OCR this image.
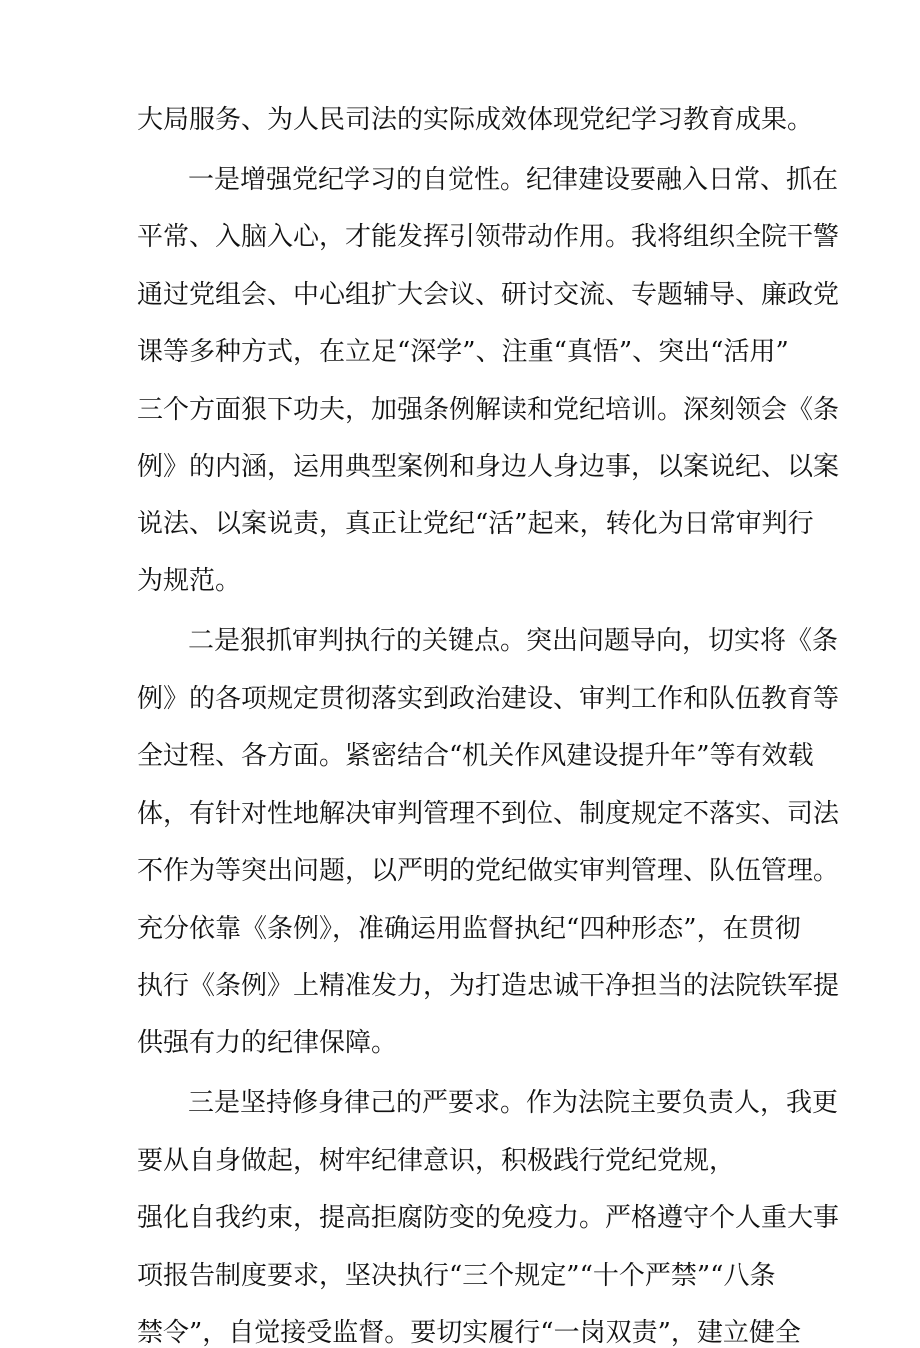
大局服务、为人民司法的实际成效体现党纪学习教育成果。
一是增强党纪学习的自觉性。纪律建设要融入日常、抓在
平常、入脑入心，才能发挥引领带动作用。我将组织全院干警
通过党组会、中心组扩大会议、研讨交流、专题辅导、廉政党
课等多种方式，在立足“深学”、注重“真悟”、突出“活用”
三个方面狠下功夫，加强条例解读和党纪培训。深刻领会《条
例》的内涵，运用典型案例和身边人身边事，以案说纪、以案
说法、以案说责，真正让党纪“活”起来，转化为日常审判行
为规范。
二是狠抓审判执行的关键点。突出问题导向，切实将《条
例》的各项规定贯彻落实到政治建设、审判工作和队伍教育等
全过程、各方面。紧密结合“机关作风建设提升年”等有效载
体，有针对性地解决审判管理不到位、制度规定不落实、司法
不作为等突出问题，以严明的党纪做实审判管理、队伍管理。
充分依靠《条例》，准确运用监督执纪“四种形态”，在贯彻
执行《条例》上精准发力，为打造忠诚干净担当的法院铁军提
供强有力的纪律保障。
三是坚持修身律己的严要求。作为法院主要负责人，我更
要从自身做起，树牢纪律意识，积极践行党纪党规，
强化自我约束，提高拒腐防变的免疫力。严格遵守个人重大事
项报告制度要求，坚决执行“三个规定”“十个严禁”“八条
禁令”，自觉接受监督。要切实履行“一岗双责”，建立健全
